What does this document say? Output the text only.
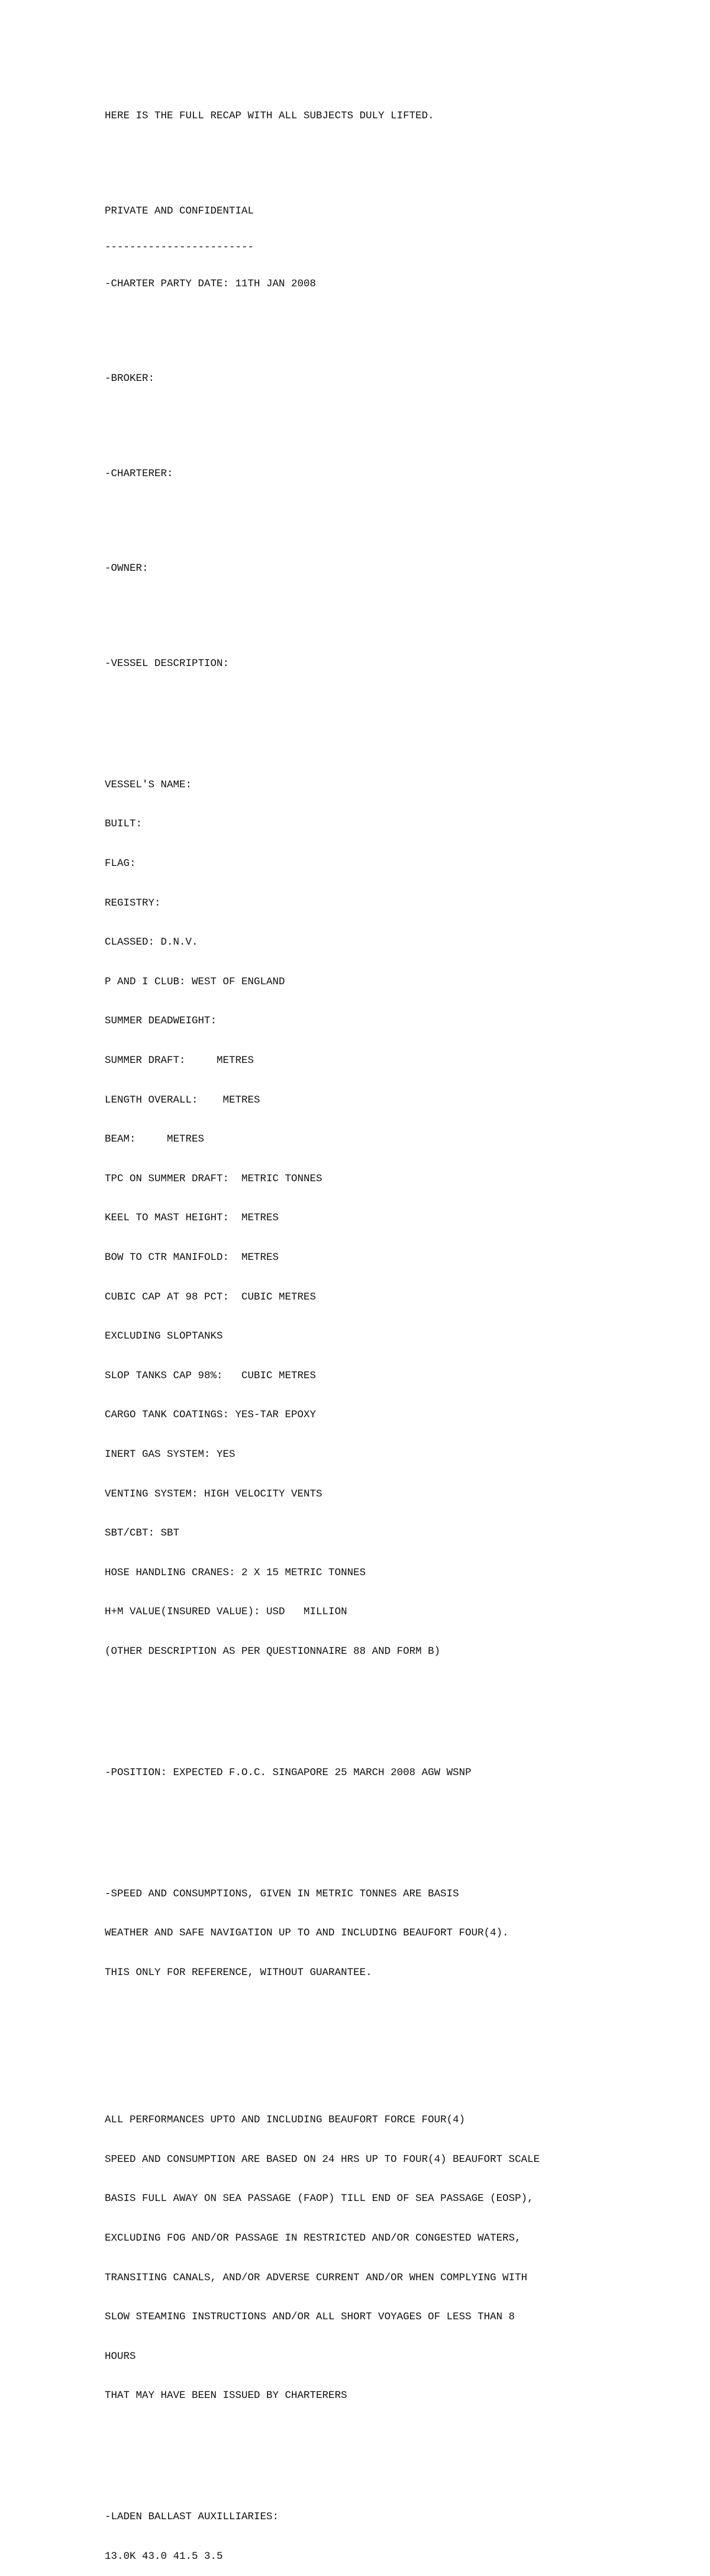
HERE IS THE FULL RECAP WITH ALL SUBJECTS DULY LIFTED.

PRIVATE AND CONFIDENTIAL

------------------------

-CHARTER PARTY DATE: 11TH JAN 2008

-BROKER:

-CHARTERER:

-OWNER:

-VESSEL DESCRIPTION:

VESSEL'S NAME:

BUILT:

FLAG:

REGISTRY:

CLASSED: D.N.V.

P AND I CLUB: WEST OF ENGLAND

SUMMER DEADWEIGHT:

SUMMER DRAFT:     METRES

LENGTH OVERALL:    METRES

BEAM:     METRES

TPC ON SUMMER DRAFT:  METRIC TONNES

KEEL TO MAST HEIGHT:  METRES

BOW TO CTR MANIFOLD:  METRES

CUBIC CAP AT 98 PCT:  CUBIC METRES

EXCLUDING SLOPTANKS

SLOP TANKS CAP 98%:   CUBIC METRES

CARGO TANK COATINGS: YES-TAR EPOXY

INERT GAS SYSTEM: YES

VENTING SYSTEM: HIGH VELOCITY VENTS

SBT/CBT: SBT

HOSE HANDLING CRANES: 2 X 15 METRIC TONNES

H+M VALUE(INSURED VALUE): USD   MILLION

(OTHER DESCRIPTION AS PER QUESTIONNAIRE 88 AND FORM B)

-POSITION: EXPECTED F.O.C. SINGAPORE 25 MARCH 2008 AGW WSNP

-SPEED AND CONSUMPTIONS, GIVEN IN METRIC TONNES ARE BASIS

WEATHER AND SAFE NAVIGATION UP TO AND INCLUDING BEAUFORT FOUR(4).

THIS ONLY FOR REFERENCE, WITHOUT GUARANTEE.

ALL PERFORMANCES UPTO AND INCLUDING BEAUFORT FORCE FOUR(4)

SPEED AND CONSUMPTION ARE BASED ON 24 HRS UP TO FOUR(4) BEAUFORT SCALE

BASIS FULL AWAY ON SEA PASSAGE (FAOP) TILL END OF SEA PASSAGE (EOSP),

EXCLUDING FOG AND/OR PASSAGE IN RESTRICTED AND/OR CONGESTED WATERS,

TRANSITING CANALS, AND/OR ADVERSE CURRENT AND/OR WHEN COMPLYING WITH

SLOW STEAMING INSTRUCTIONS AND/OR ALL SHORT VOYAGES OF LESS THAN 8

HOURS

THAT MAY HAVE BEEN ISSUED BY CHARTERERS

-LADEN BALLAST AUXILLIARIES:

13.0K 43.0 41.5 3.5
